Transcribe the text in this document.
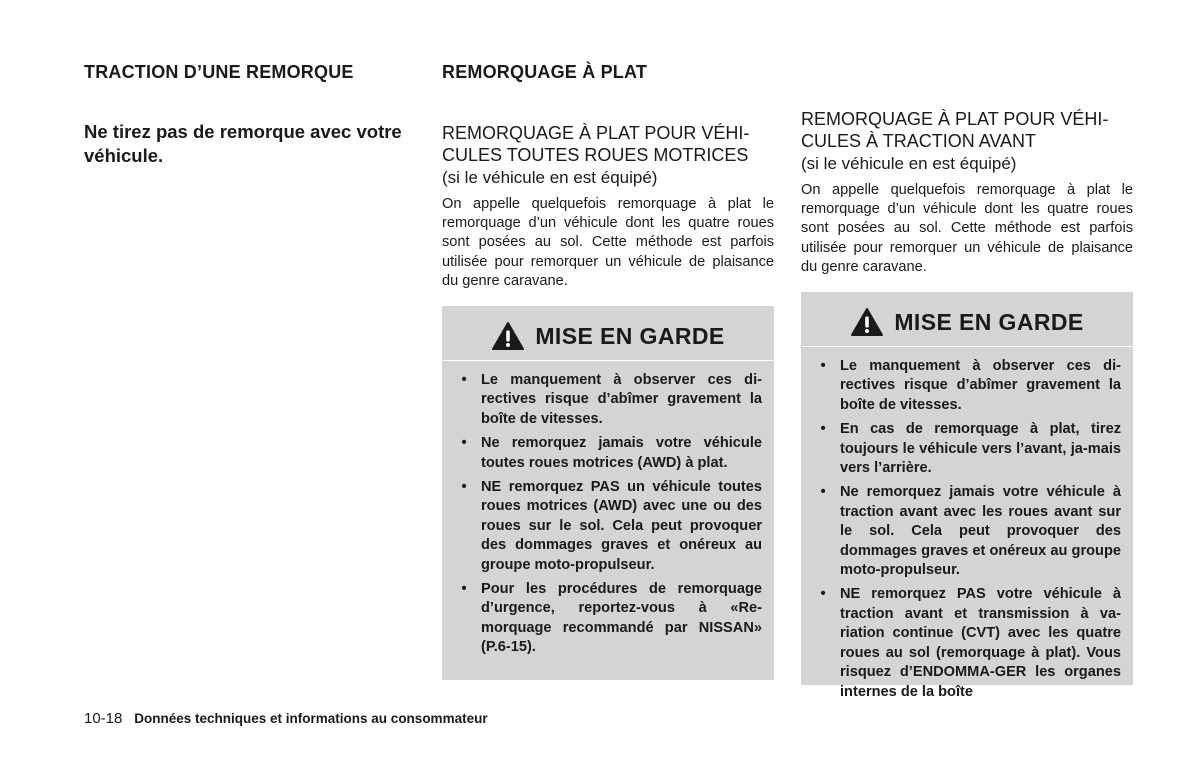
TRACTION D’UNE REMORQUE

Ne tirez pas de remorque avec votre véhicule.

REMORQUAGE À PLAT
REMORQUAGE À PLAT POUR VÉHI-CULES TOUTES ROUES MOTRICES
(si le véhicule en est équipé)

On appelle quelquefois remorquage à plat le remorquage d’un véhicule dont les quatre roues sont posées au sol. Cette méthode est parfois utilisée pour remorquer un véhicule de plaisance du genre caravane.

MISE EN GARDE
• Le manquement à observer ces di-rectives risque d’abîmer gravement la boîte de vitesses.
• Ne remorquez jamais votre véhicule toutes roues motrices (AWD) à plat.
• NE remorquez PAS un véhicule toutes roues motrices (AWD) avec une ou des roues sur le sol. Cela peut provoquer des dommages graves et onéreux au groupe moto-propulseur.
• Pour les procédures de remorquage d’urgence, reportez-vous à «Re-morquage recommandé par NISSAN» (P.6-15).
REMORQUAGE À PLAT POUR VÉHI-CULES À TRACTION AVANT
(si le véhicule en est équipé)

On appelle quelquefois remorquage à plat le remorquage d’un véhicule dont les quatre roues sont posées au sol. Cette méthode est parfois utilisée pour remorquer un véhicule de plaisance du genre caravane.

MISE EN GARDE
• Le manquement à observer ces di-rectives risque d’abîmer gravement la boîte de vitesses.
• En cas de remorquage à plat, tirez toujours le véhicule vers l’avant, ja-mais vers l’arrière.
• Ne remorquez jamais votre véhicule à traction avant avec les roues avant sur le sol. Cela peut provoquer des dommages graves et onéreux au groupe moto-propulseur.
• NE remorquez PAS votre véhicule à traction avant et transmission à va-riation continue (CVT) avec les quatre roues au sol (remorquage à plat). Vous risquez d’ENDOMMA-GER les organes internes de la boîte
10-18 Données techniques et informations au consommateur
